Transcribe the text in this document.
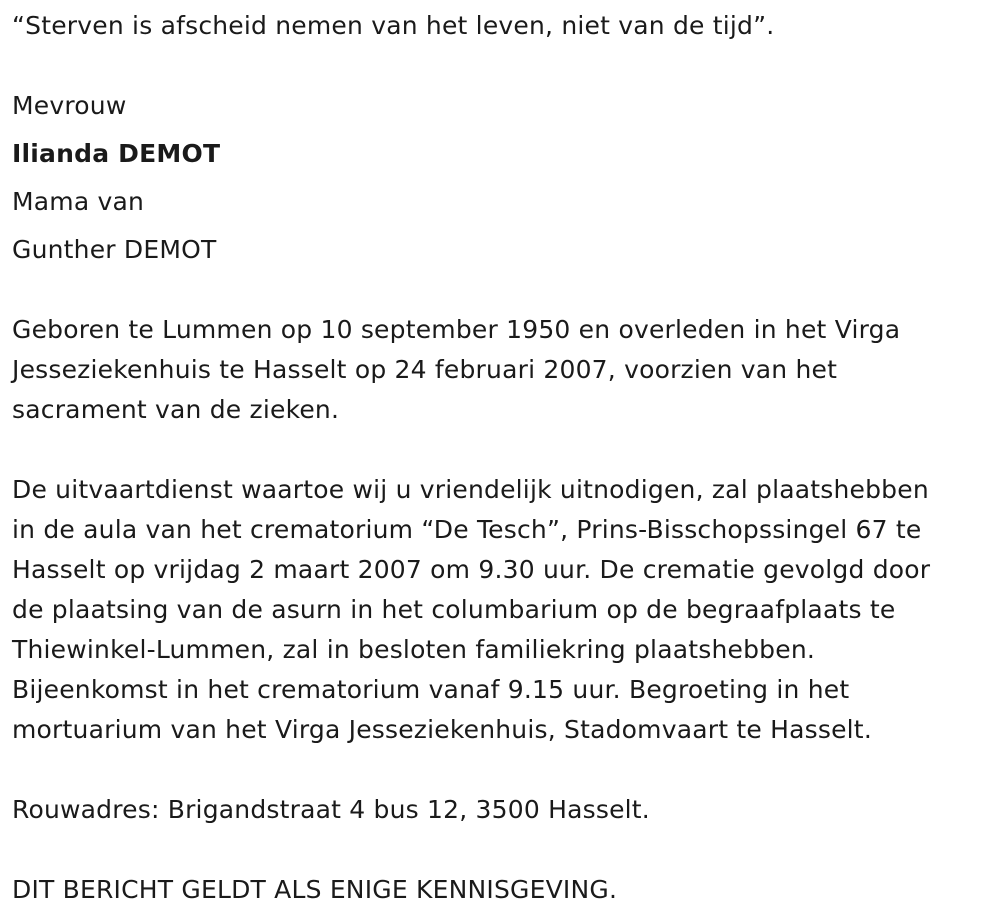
“Sterven is afscheid nemen van het leven, niet van de tijd”.
Mevrouw
Ilianda DEMOT
Mama van
Gunther DEMOT
Geboren te Lummen op 10 september 1950 en overleden in het Virga
Jesseziekenhuis te Hasselt op 24 februari 2007, voorzien van het
sacrament van de zieken.
De uitvaartdienst waartoe wij u vriendelijk uitnodigen, zal plaatshebben
in de aula van het crematorium “De Tesch”, Prins-Bisschopssingel 67 te
Hasselt op vrijdag 2 maart 2007 om 9.30 uur. De crematie gevolgd door
de plaatsing van de asurn in het columbarium op de begraafplaats te
Thiewinkel-Lummen, zal in besloten familiekring plaatshebben.
Bijeenkomst in het crematorium vanaf 9.15 uur. Begroeting in het
mortuarium van het Virga Jesseziekenhuis, Stadomvaart te Hasselt.
Rouwadres: Brigandstraat 4 bus 12, 3500 Hasselt.
DIT BERICHT GELDT ALS ENIGE KENNISGEVING.
